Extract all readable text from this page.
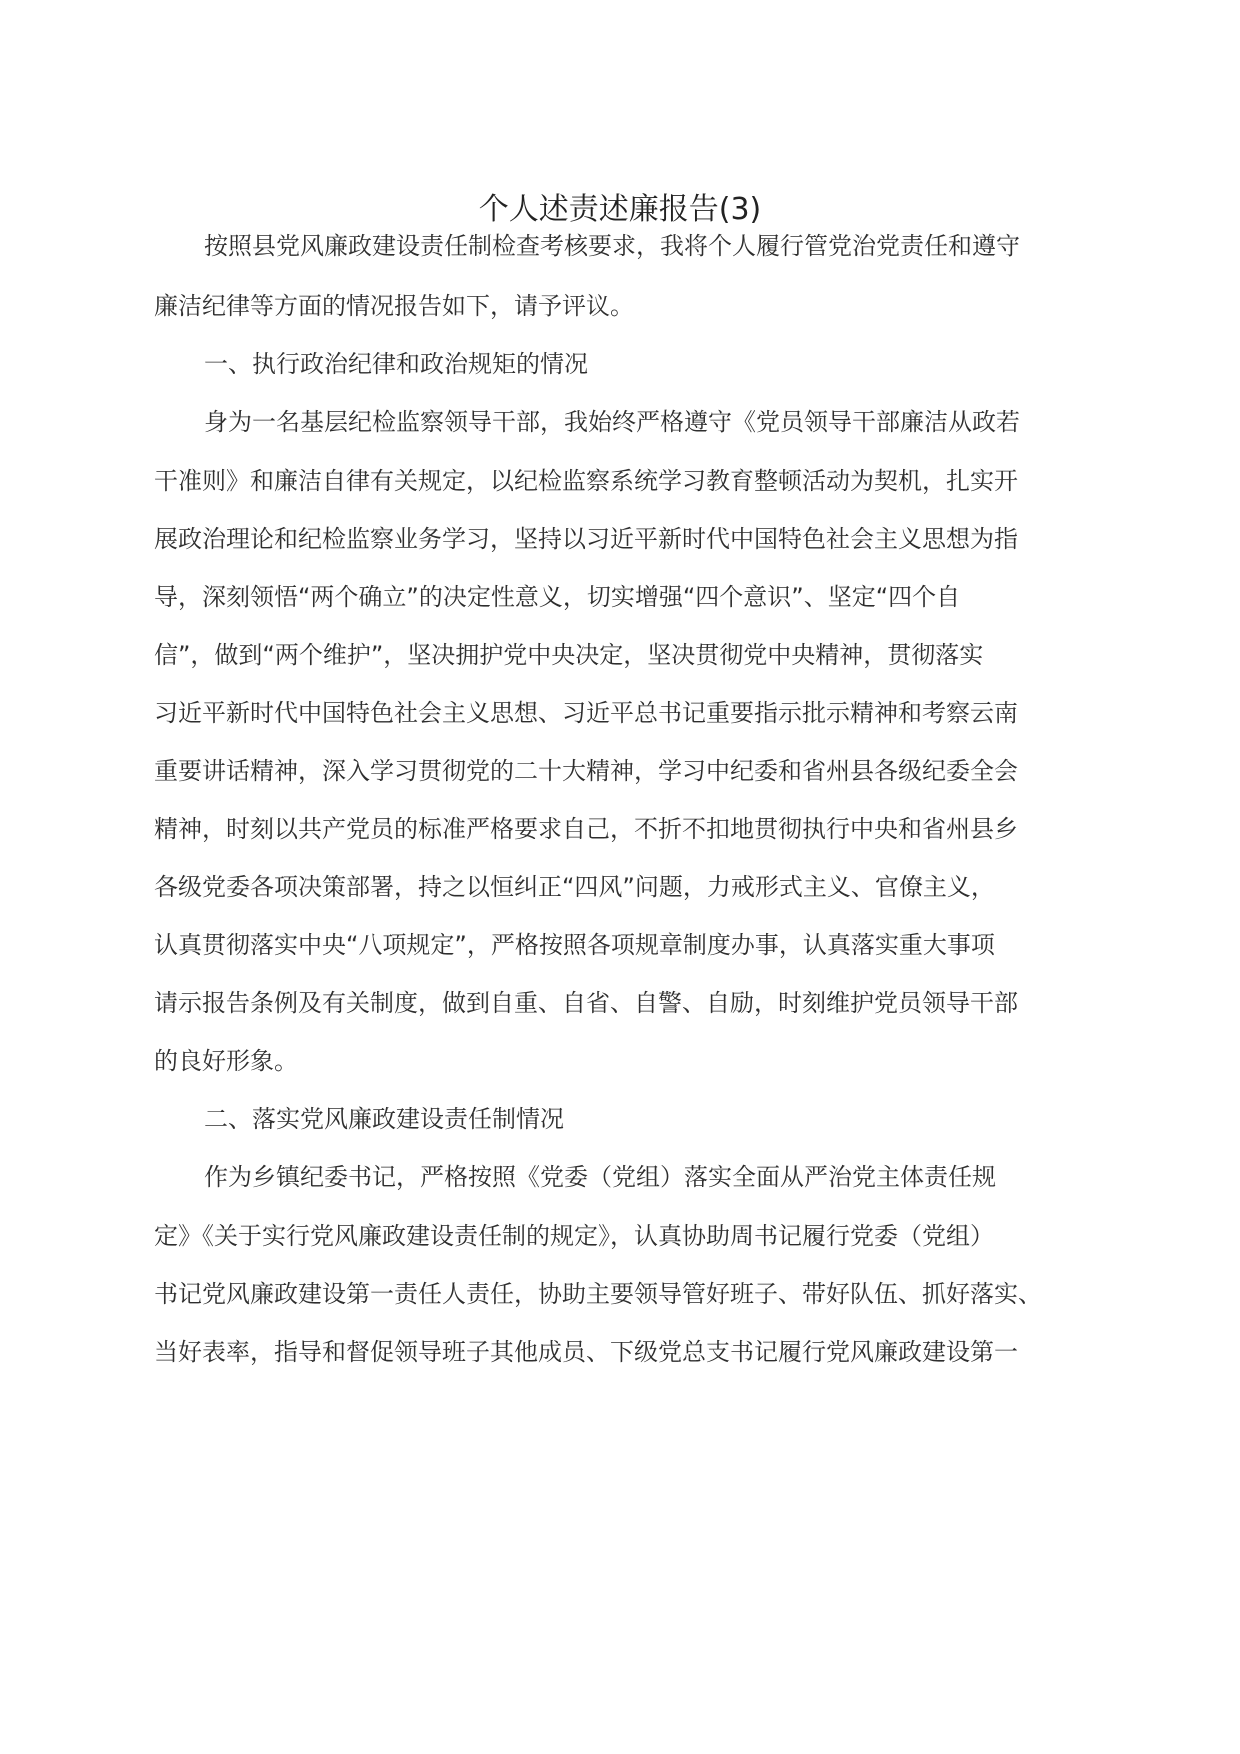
个人述责述廉报告(3)

按照县党风廉政建设责任制检查考核要求，我将个人履行管党治党责任和遵守

廉洁纪律等方面的情况报告如下，请予评议。

一、执行政治纪律和政治规矩的情况

身为一名基层纪检监察领导干部，我始终严格遵守《党员领导干部廉洁从政若

干准则》和廉洁自律有关规定，以纪检监察系统学习教育整顿活动为契机，扎实开

展政治理论和纪检监察业务学习，坚持以习近平新时代中国特色社会主义思想为指

导，深刻领悟“两个确立”的决定性意义，切实增强“四个意识”、坚定“四个自

信”，做到“两个维护”，坚决拥护党中央决定，坚决贯彻党中央精神，贯彻落实

习近平新时代中国特色社会主义思想、习近平总书记重要指示批示精神和考察云南

重要讲话精神，深入学习贯彻党的二十大精神，学习中纪委和省州县各级纪委全会

精神，时刻以共产党员的标准严格要求自己，不折不扣地贯彻执行中央和省州县乡

各级党委各项决策部署，持之以恒纠正“四风”问题，力戒形式主义、官僚主义，

认真贯彻落实中央“八项规定”，严格按照各项规章制度办事，认真落实重大事项

请示报告条例及有关制度，做到自重、自省、自警、自励，时刻维护党员领导干部

的良好形象。

二、落实党风廉政建设责任制情况

作为乡镇纪委书记，严格按照《党委（党组）落实全面从严治党主体责任规

定》《关于实行党风廉政建设责任制的规定》，认真协助周书记履行党委（党组）

书记党风廉政建设第一责任人责任，协助主要领导管好班子、带好队伍、抓好落实、

当好表率，指导和督促领导班子其他成员、下级党总支书记履行党风廉政建设第一
